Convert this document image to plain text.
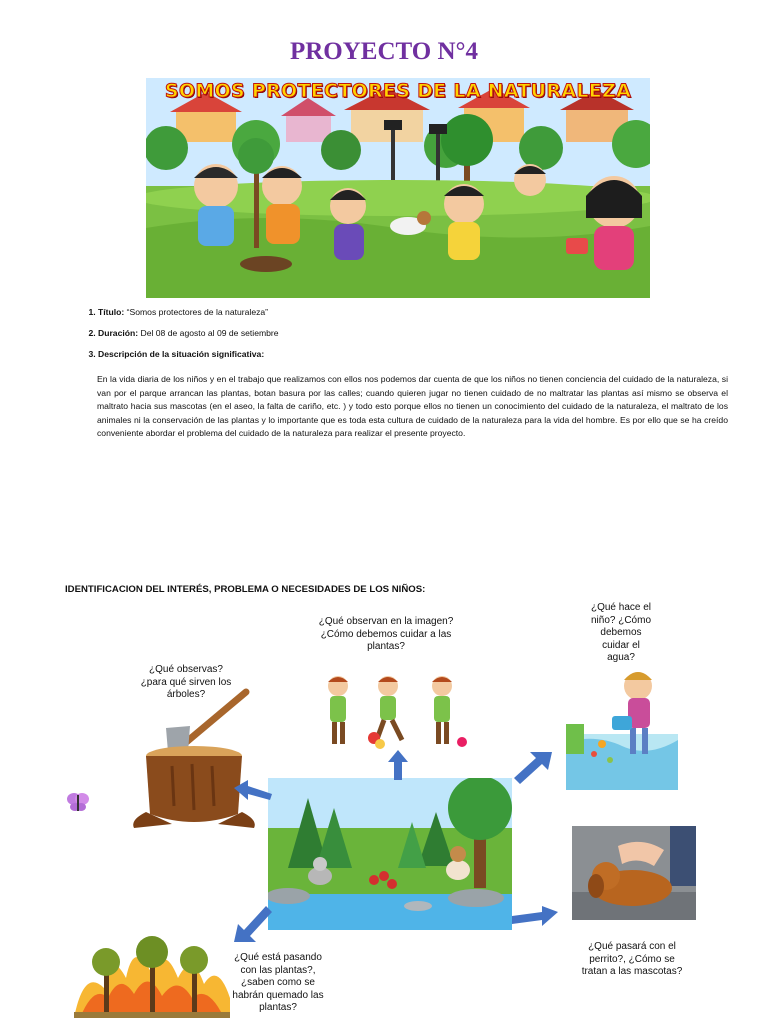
PROYECTO N°4
SOMOS PROTECTORES DE LA NATURALEZA
1. Título: “Somos protectores de la naturaleza”
2. Duración: Del 08 de agosto al 09 de setiembre
3. Descripción de la situación significativa:
En la vida diaria de los niños y en el trabajo que realizamos con ellos nos podemos dar cuenta de que los niños no tienen conciencia del cuidado de la naturaleza, si van por el parque arrancan las plantas, botan basura por las calles; cuando quieren jugar no tienen cuidado de no maltratar las plantas así mismo se observa el maltrato hacia sus mascotas (en el aseo, la falta de cariño, etc. ) y todo esto porque ellos no tienen un conocimiento del cuidado de la naturaleza, el maltrato de los animales ni la conservación de las plantas y lo importante que es toda esta cultura de cuidado de la naturaleza para la vida del hombre. Es por ello que se ha creído conveniente abordar el problema del cuidado de la naturaleza para realizar el presente proyecto.
IDENTIFICACION DEL INTERÉS, PROBLEMA O NECESIDADES DE LOS NIÑOS:
¿Qué observan en la imagen? ¿Cómo debemos cuidar a las plantas?
¿Qué hace el niño? ¿Cómo debemos cuidar el agua?
¿Qué observas? ¿para qué sirven los árboles?
¿Qué pasará con el perrito?, ¿Cómo se tratan a las mascotas?
¿Qué está pasando con las plantas?, ¿saben como se habrán quemado las plantas?
